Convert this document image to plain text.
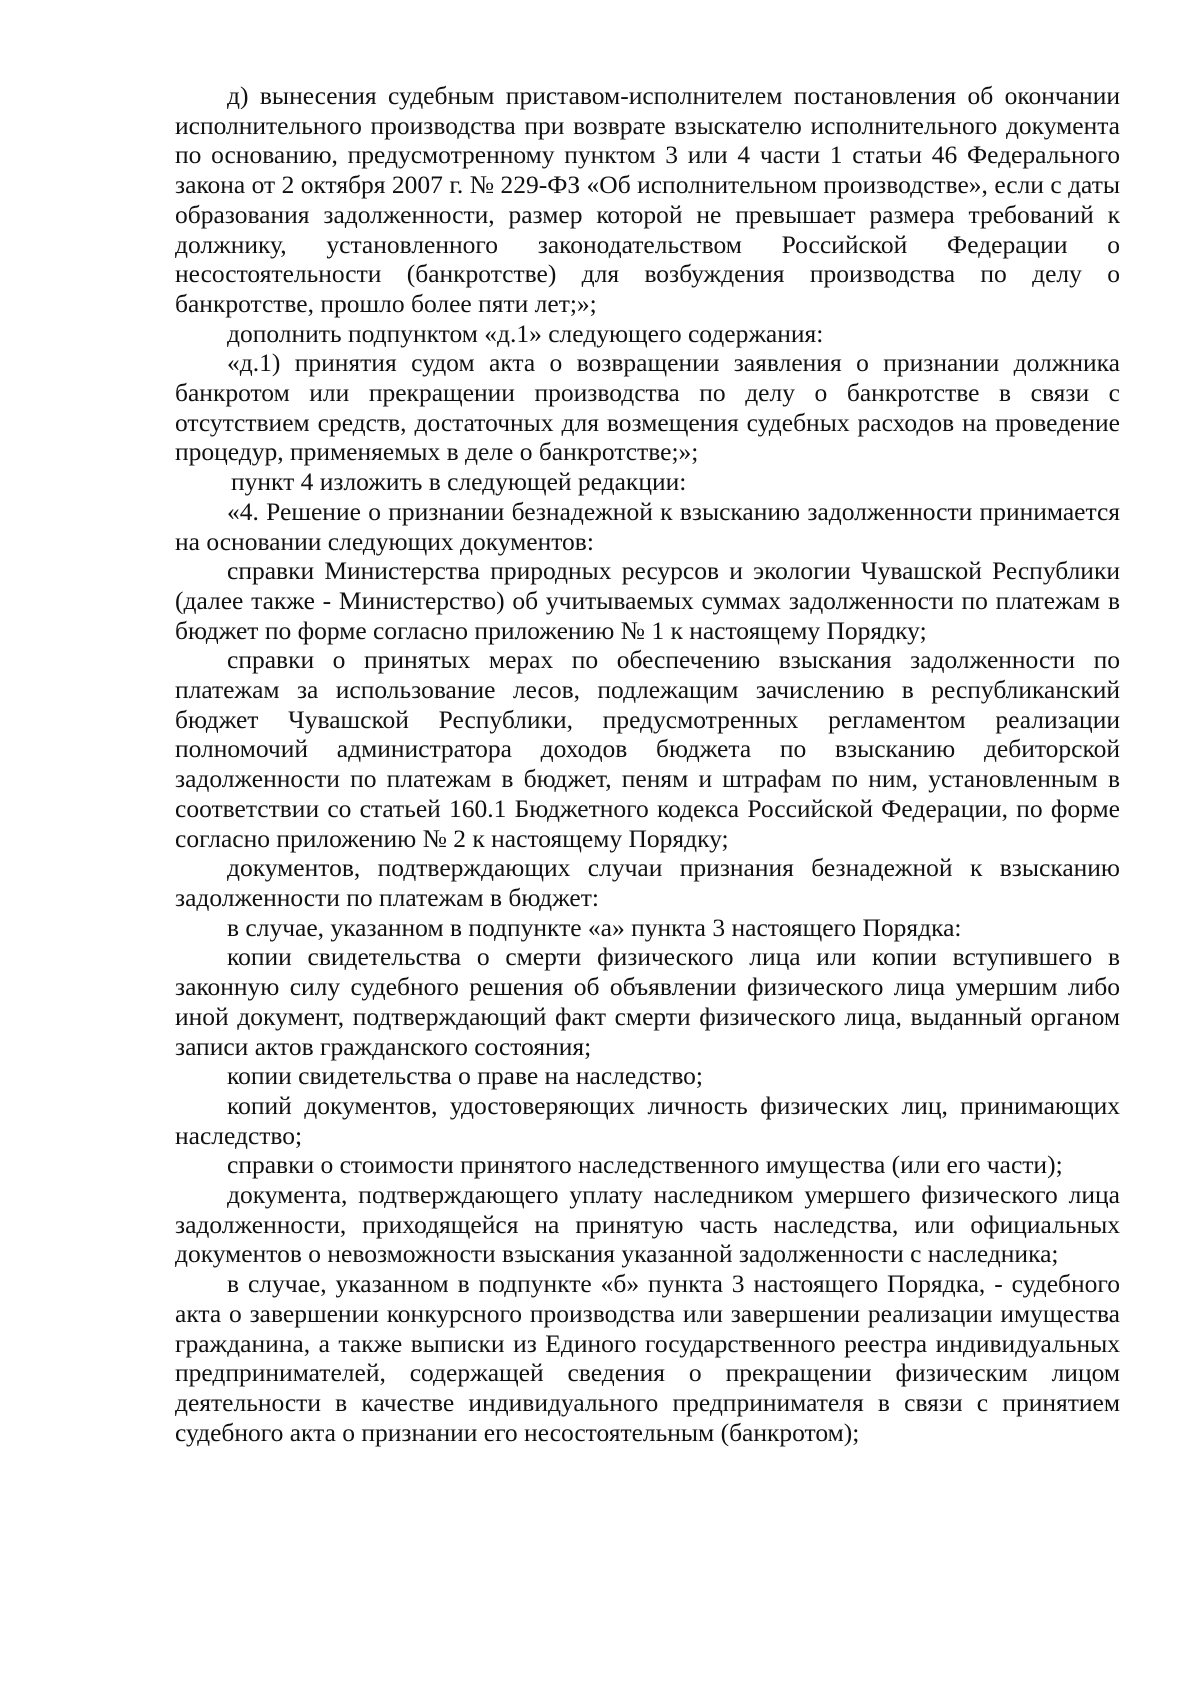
д) вынесения судебным приставом-исполнителем постановления об окончании исполнительного производства при возврате взыскателю исполнительного документа по основанию, предусмотренному пунктом 3 или 4 части 1 статьи 46 Федерального закона от 2 октября 2007 г. № 229-ФЗ «Об исполнительном производстве», если с даты образования задолженности, размер которой не превышает размера требований к должнику, установленного законодательством Российской Федерации о несостоятельности (банкротстве) для возбуждения производства по делу о банкротстве, прошло более пяти лет;»;

дополнить подпунктом «д.1» следующего содержания:

«д.1) принятия судом акта о возвращении заявления о признании должника банкротом или прекращении производства по делу о банкротстве в связи с отсутствием средств, достаточных для возмещения судебных расходов на проведение процедур, применяемых в деле о банкротстве;»;

пункт 4 изложить в следующей редакции:

«4. Решение о признании безнадежной к взысканию задолженности принимается на основании следующих документов:

справки Министерства природных ресурсов и экологии Чувашской Республики (далее также - Министерство) об учитываемых суммах задолженности по платежам в бюджет по форме согласно приложению № 1 к настоящему Порядку;

справки о принятых мерах по обеспечению взыскания задолженности по платежам за использование лесов, подлежащим зачислению в республиканский бюджет Чувашской Республики, предусмотренных регламентом реализации полномочий администратора доходов бюджета по взысканию дебиторской задолженности по платежам в бюджет, пеням и штрафам по ним, установленным в соответствии со статьей 160.1 Бюджетного кодекса Российской Федерации, по форме согласно приложению № 2 к настоящему Порядку;

документов, подтверждающих случаи признания безнадежной к взысканию задолженности по платежам в бюджет:

в случае, указанном в подпункте «а» пункта 3 настоящего Порядка:

копии свидетельства о смерти физического лица или копии вступившего в законную силу судебного решения об объявлении физического лица умершим либо иной документ, подтверждающий факт смерти физического лица, выданный органом записи актов гражданского состояния;

копии свидетельства о праве на наследство;

копий документов, удостоверяющих личность физических лиц, принимающих наследство;

справки о стоимости принятого наследственного имущества (или его части);

документа, подтверждающего уплату наследником умершего физического лица задолженности, приходящейся на принятую часть наследства, или официальных документов о невозможности взыскания указанной задолженности с наследника;

в случае, указанном в подпункте «б» пункта 3 настоящего Порядка, - судебного акта о завершении конкурсного производства или завершении реализации имущества гражданина, а также выписки из Единого государственного реестра индивидуальных предпринимателей, содержащей сведения о прекращении физическим лицом деятельности в качестве индивидуального предпринимателя в связи с принятием судебного акта о признании его несостоятельным (банкротом);
